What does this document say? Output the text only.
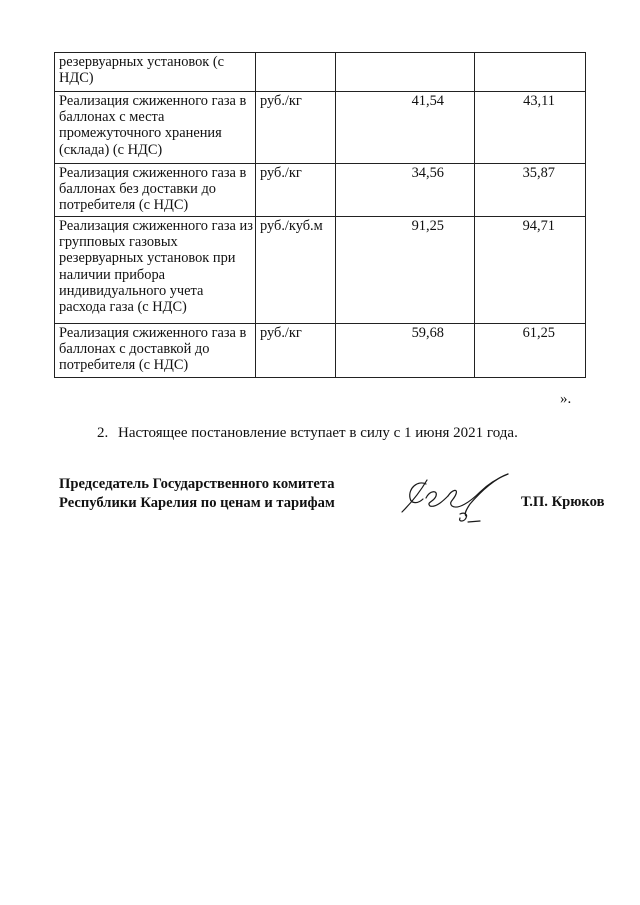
резервуарных установок (с НДС)			
Реализация сжиженного газа в баллонах с места промежуточного хранения (склада) (с НДС)	руб./кг	41,54	43,11
Реализация сжиженного газа в баллонах без доставки до потребителя (с НДС)	руб./кг	34,56	35,87
Реализация сжиженного газа из групповых газовых резервуарных установок при наличии прибора индивидуального учета расхода газа (с НДС)	руб./куб.м	91,25	94,71
Реализация сжиженного газа в баллонах с доставкой до потребителя (с НДС)	руб./кг	59,68	61,25
».
2. Настоящее постановление вступает в силу с 1 июня 2021 года.
Председатель Государственного комитета
Республики Карелия по ценам и тарифам	Т.П. Крюков
